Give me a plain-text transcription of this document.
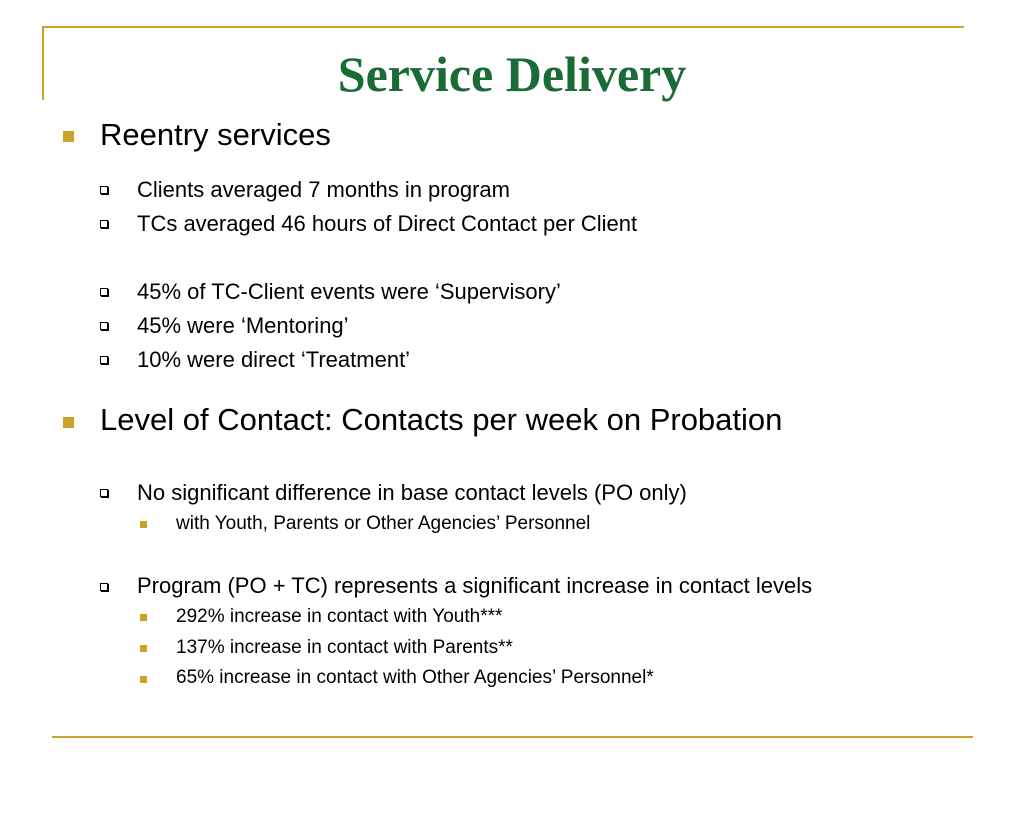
Service Delivery
Reentry services
Clients averaged 7 months in program
TCs averaged 46 hours of Direct Contact per Client
45% of TC-Client events were ‘Supervisory’
45% were ‘Mentoring’
10% were direct ‘Treatment’
Level of Contact: Contacts per week on Probation
No significant difference in base contact levels (PO only)
with Youth, Parents or Other Agencies’ Personnel
Program (PO + TC) represents a significant increase in contact levels
292% increase in contact with Youth***
137% increase in contact with Parents**
65% increase in contact with Other Agencies’ Personnel*
